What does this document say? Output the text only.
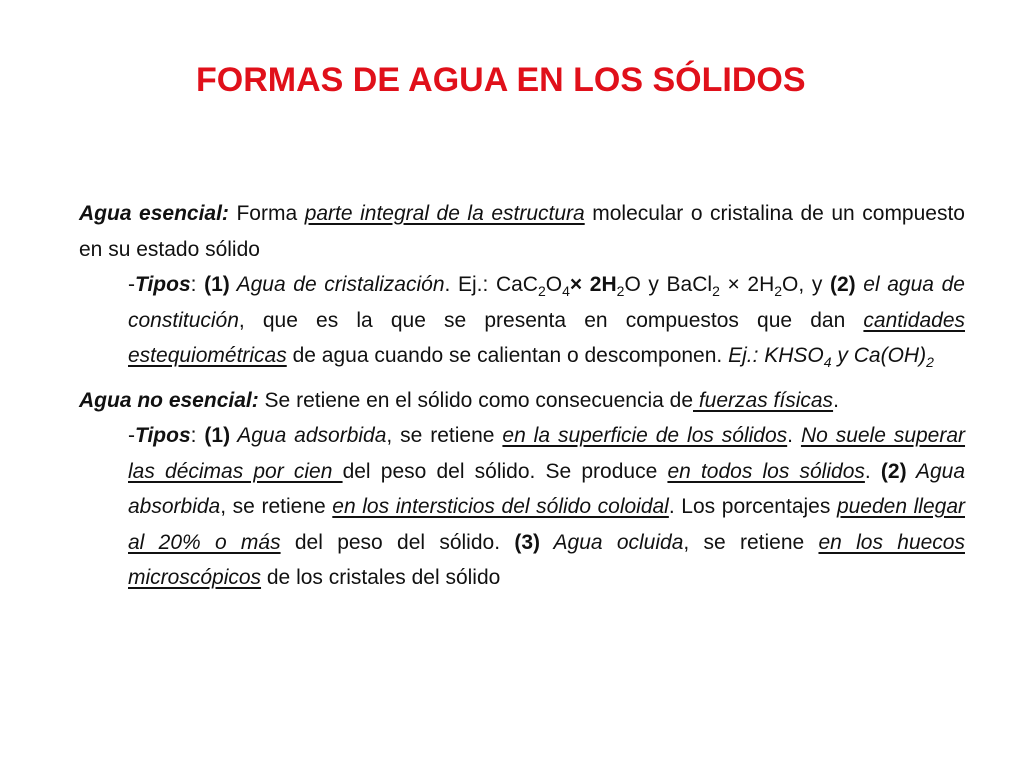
FORMAS DE AGUA EN LOS SÓLIDOS

Agua esencial: Forma parte integral de la estructura molecular o cristalina de un compuesto en su estado sólido

-Tipos: (1) Agua de cristalización. Ej.: $CaC_2O_4\times 2H_2O$ y BaCl$_2$ × $2H_2O$, y (2) el agua de constitución, que es la que se presenta en compuestos que dan cantidades estequiométricas de agua cuando se calientan o descomponen. Ej.: $KHSO_4$ y $Ca(OH)_2$

Agua no esencial: Se retiene en el sólido como consecuencia de fuerzas físicas.

-Tipos: (1) Agua adsorbida, se retiene en la superficie de los sólidos. No suele superar las décimas por cien del peso del sólido. Se produce en todos los sólidos. (2) Agua absorbida, se retiene en los intersticios del sólido coloidal. Los porcentajes pueden llegar al 20% o más del peso del sólido. (3) Agua ocluida, se retiene en los huecos microscópicos de los cristales del sólido
